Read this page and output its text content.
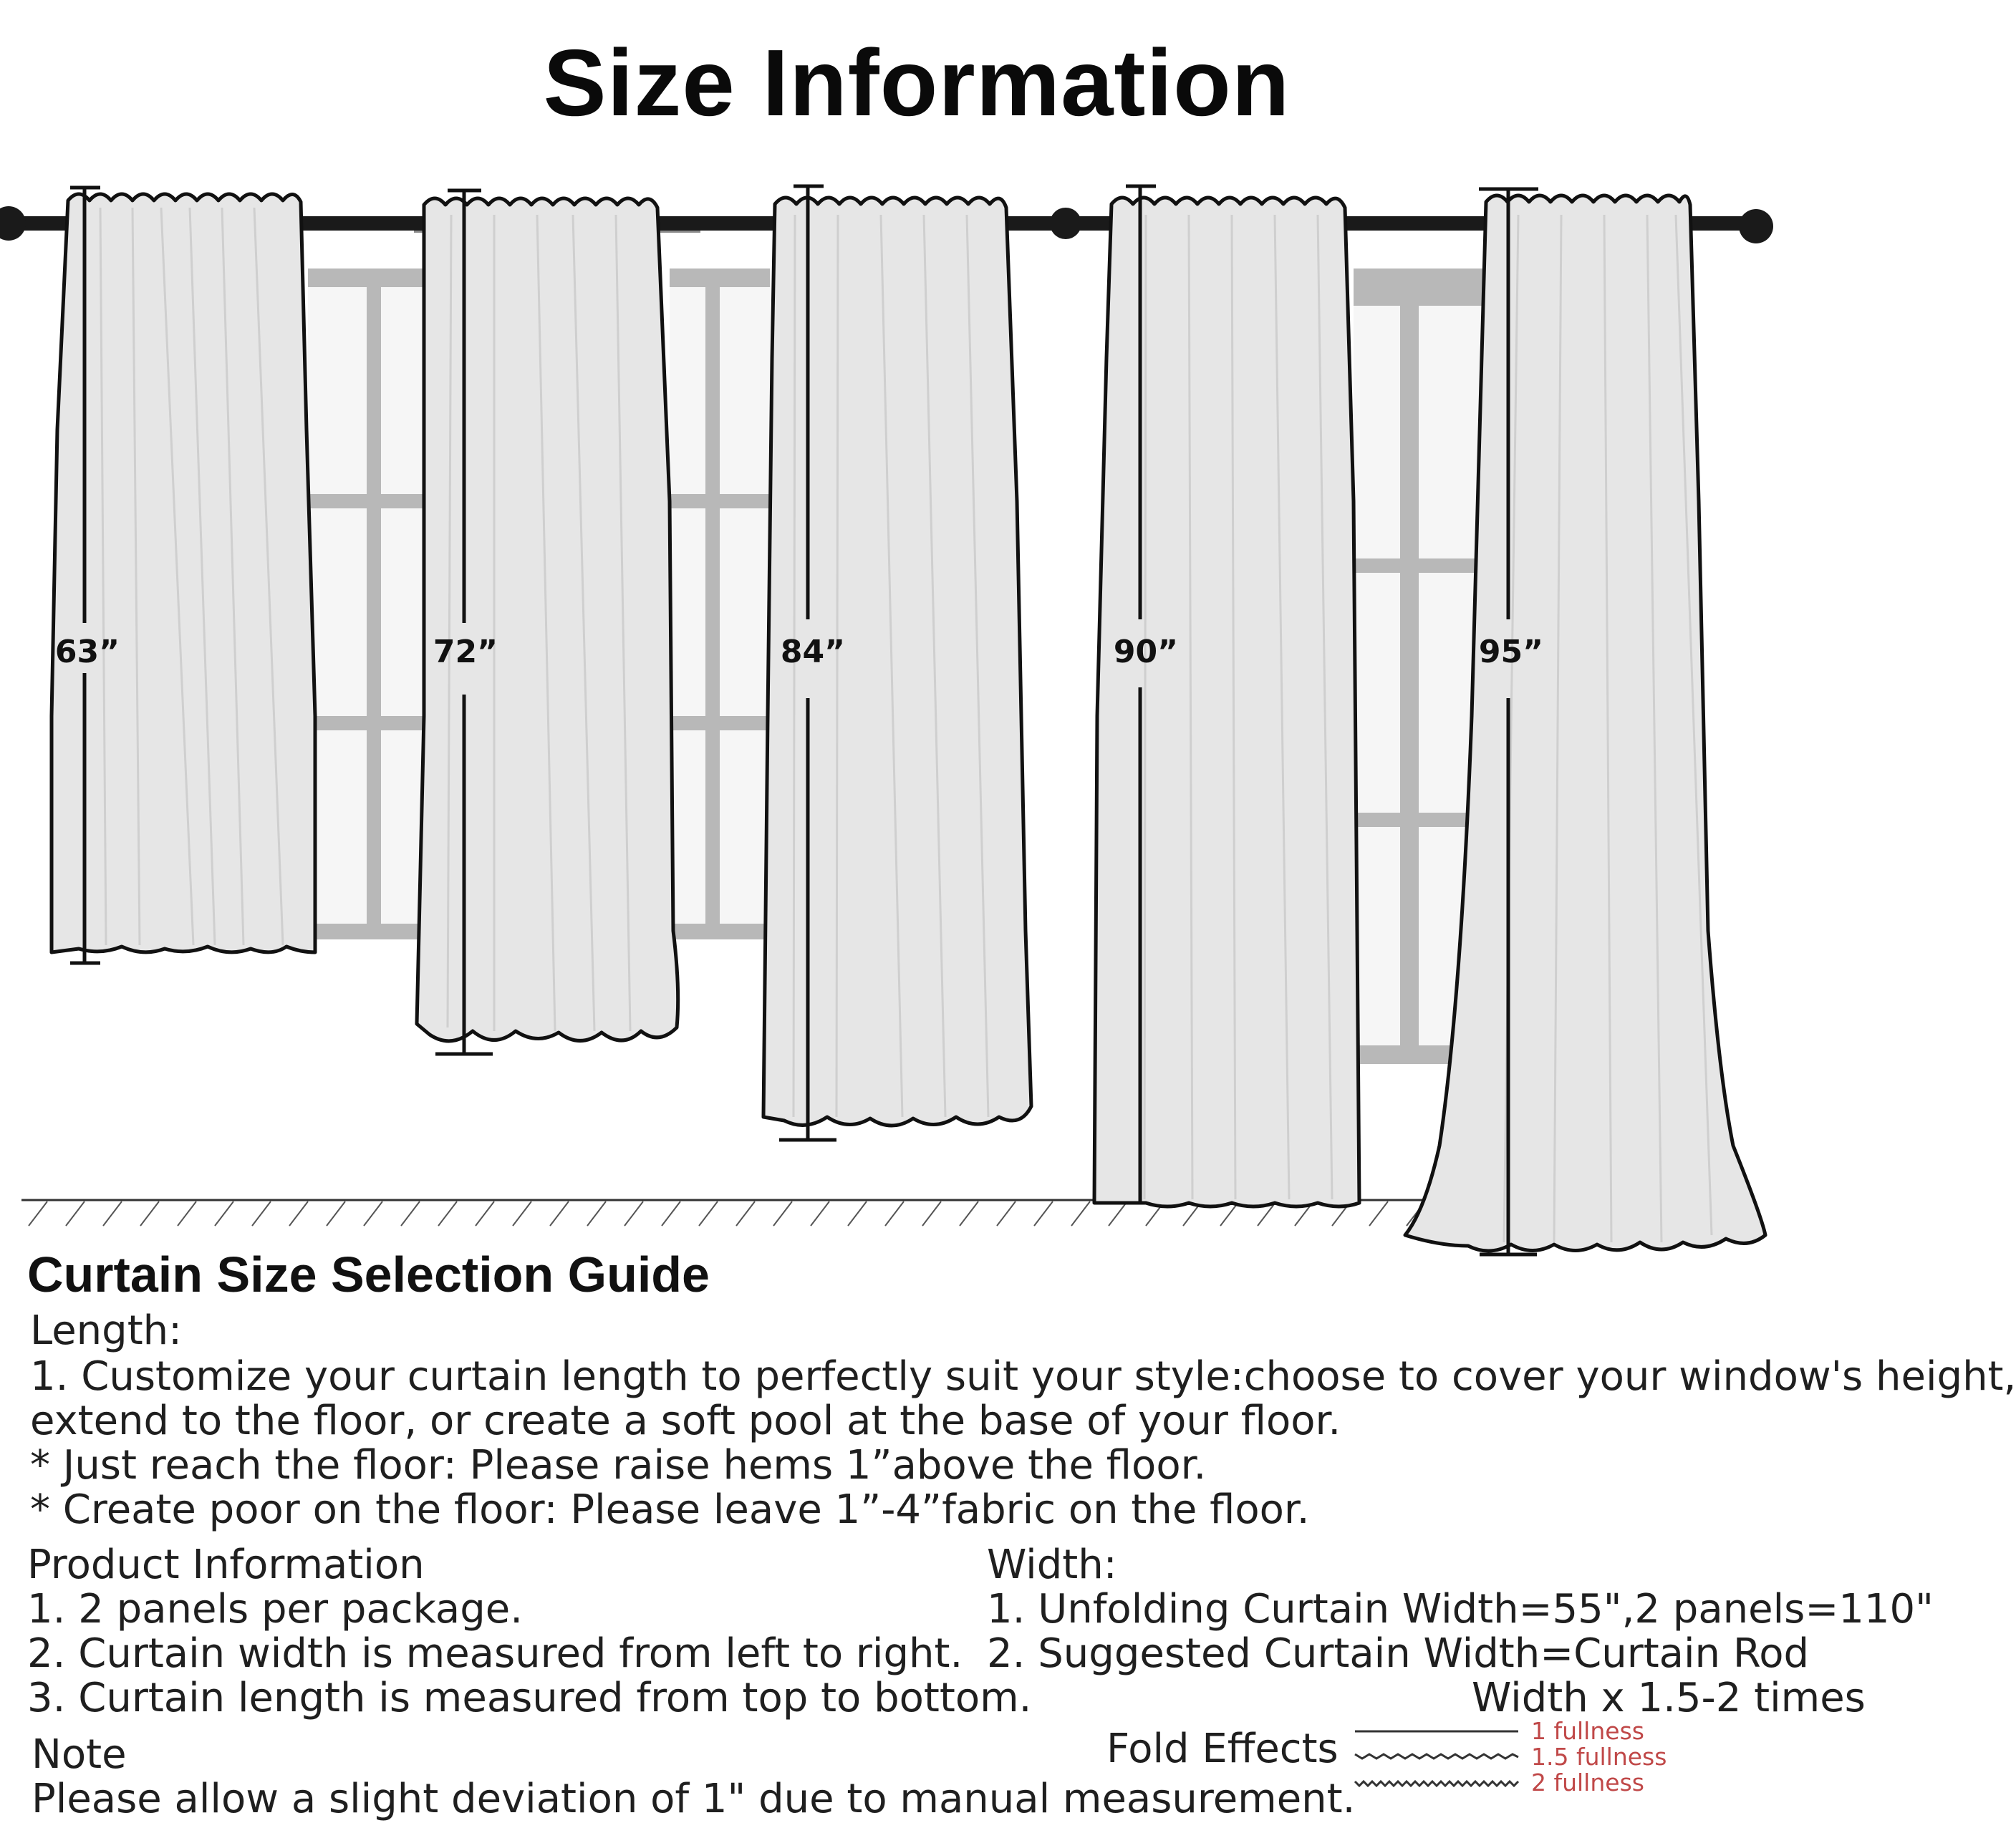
Size Information
63”	72”	84”	90”	95”
Curtain Size Selection Guide
Length:
1. Customize your curtain length to perfectly suit your style:choose to cover your window's height,
extend to the floor, or create a soft pool at the base of your floor.
* Just reach the floor: Please raise hems 1”above the floor.
* Create poor on the floor: Please leave 1”-4”fabric on the floor.
Product Information
1. 2 panels per package.
2. Curtain width is measured from left to right.
3. Curtain length is measured from top to bottom.
Width:
1. Unfolding Curtain Width=55",2 panels=110"
2. Suggested Curtain Width=Curtain Rod
Width x 1.5-2 times
Note
Please allow a slight deviation of 1" due to manual measurement.
Fold Effects	1 fullness
1.5 fullness
2 fullness
